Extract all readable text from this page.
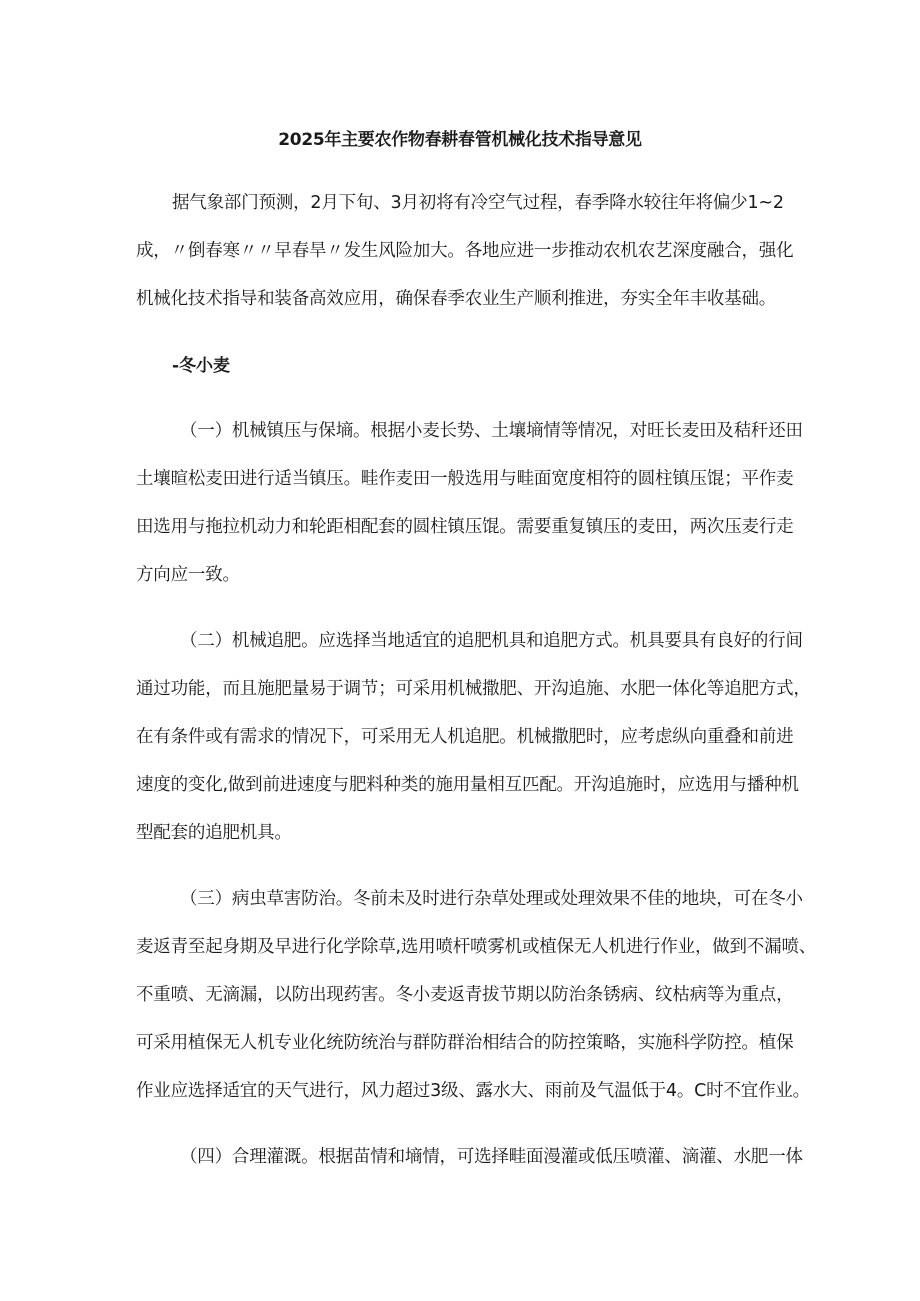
2025年主要农作物春耕春管机械化技术指导意见

据气象部门预测，2月下旬、3月初将有冷空气过程，春季降水较往年将偏少1~2

成，〃倒春寒〃〃早春旱〃发生风险加大。各地应进一步推动农机农艺深度融合，强化

机械化技术指导和装备高效应用，确保春季农业生产顺利推进，夯实全年丰收基础。

-冬小麦

（一）机械镇压与保墒。根据小麦长势、土壤墒情等情况，对旺长麦田及秸秆还田

土壤暄松麦田进行适当镇压。畦作麦田一般选用与畦面宽度相符的圆柱镇压馄；平作麦

田选用与拖拉机动力和轮距相配套的圆柱镇压馄。需要重复镇压的麦田，两次压麦行走

方向应一致。

（二）机械追肥。应选择当地适宜的追肥机具和追肥方式。机具要具有良好的行间

通过功能，而且施肥量易于调节；可采用机械撒肥、开沟追施、水肥一体化等追肥方式，

在有条件或有需求的情况下，可采用无人机追肥。机械撒肥时，应考虑纵向重叠和前进

速度的变化,做到前进速度与肥料种类的施用量相互匹配。开沟追施时，应选用与播种机

型配套的追肥机具。

（三）病虫草害防治。冬前未及时进行杂草处理或处理效果不佳的地块，可在冬小

麦返青至起身期及早进行化学除草,选用喷杆喷雾机或植保无人机进行作业，做到不漏喷、

不重喷、无滴漏，以防出现药害。冬小麦返青拔节期以防治条锈病、纹枯病等为重点，

可采用植保无人机专业化统防统治与群防群治相结合的防控策略，实施科学防控。植保

作业应选择适宜的天气进行，风力超过3级、露水大、雨前及气温低于4。C时不宜作业。

（四）合理灌溉。根据苗情和墒情，可选择畦面漫灌或低压喷灌、滴灌、水肥一体
